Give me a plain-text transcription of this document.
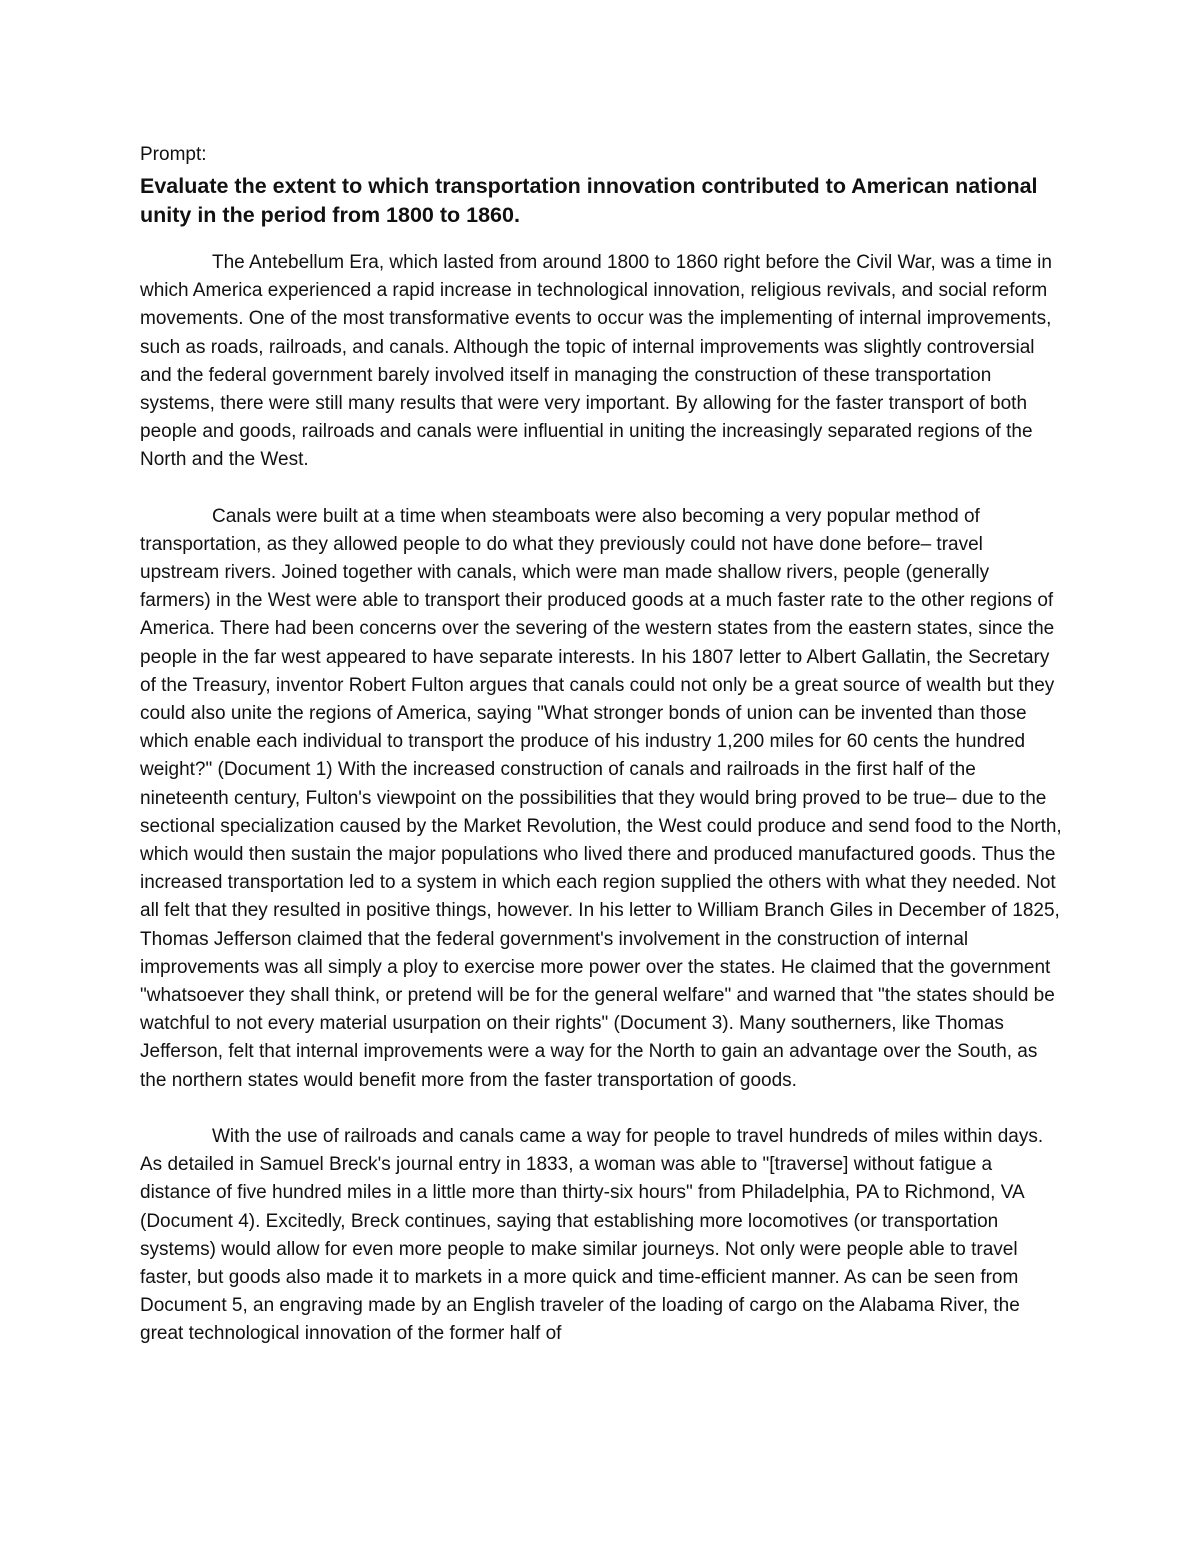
Prompt:

Evaluate the extent to which transportation innovation contributed to American national unity in the period from 1800 to 1860.

The Antebellum Era, which lasted from around 1800 to 1860 right before the Civil War, was a time in which America experienced a rapid increase in technological innovation, religious revivals, and social reform movements. One of the most transformative events to occur was the implementing of internal improvements, such as roads, railroads, and canals. Although the topic of internal improvements was slightly controversial and the federal government barely involved itself in managing the construction of these transportation systems, there were still many results that were very important. By allowing for the faster transport of both people and goods, railroads and canals were influential in uniting the increasingly separated regions of the North and the West.

Canals were built at a time when steamboats were also becoming a very popular method of transportation, as they allowed people to do what they previously could not have done before– travel upstream rivers. Joined together with canals, which were man made shallow rivers, people (generally farmers) in the West were able to transport their produced goods at a much faster rate to the other regions of America. There had been concerns over the severing of the western states from the eastern states, since the people in the far west appeared to have separate interests. In his 1807 letter to Albert Gallatin, the Secretary of the Treasury, inventor Robert Fulton argues that canals could not only be a great source of wealth but they could also unite the regions of America, saying "What stronger bonds of union can be invented than those which enable each individual to transport the produce of his industry 1,200 miles for 60 cents the hundred weight?" (Document 1) With the increased construction of canals and railroads in the first half of the nineteenth century, Fulton's viewpoint on the possibilities that they would bring proved to be true– due to the sectional specialization caused by the Market Revolution, the West could produce and send food to the North, which would then sustain the major populations who lived there and produced manufactured goods. Thus the increased transportation led to a system in which each region supplied the others with what they needed. Not all felt that they resulted in positive things, however. In his letter to William Branch Giles in December of 1825, Thomas Jefferson claimed that the federal government's involvement in the construction of internal improvements was all simply a ploy to exercise more power over the states. He claimed that the government "whatsoever they shall think, or pretend will be for the general welfare" and warned that "the states should be watchful to not every material usurpation on their rights" (Document 3). Many southerners, like Thomas Jefferson, felt that internal improvements were a way for the North to gain an advantage over the South, as the northern states would benefit more from the faster transportation of goods.

With the use of railroads and canals came a way for people to travel hundreds of miles within days. As detailed in Samuel Breck's journal entry in 1833, a woman was able to "[traverse] without fatigue a distance of five hundred miles in a little more than thirty-six hours" from Philadelphia, PA to Richmond, VA (Document 4). Excitedly, Breck continues, saying that establishing more locomotives (or transportation systems) would allow for even more people to make similar journeys. Not only were people able to travel faster, but goods also made it to markets in a more quick and time-efficient manner. As can be seen from Document 5, an engraving made by an English traveler of the loading of cargo on the Alabama River, the great technological innovation of the former half of
